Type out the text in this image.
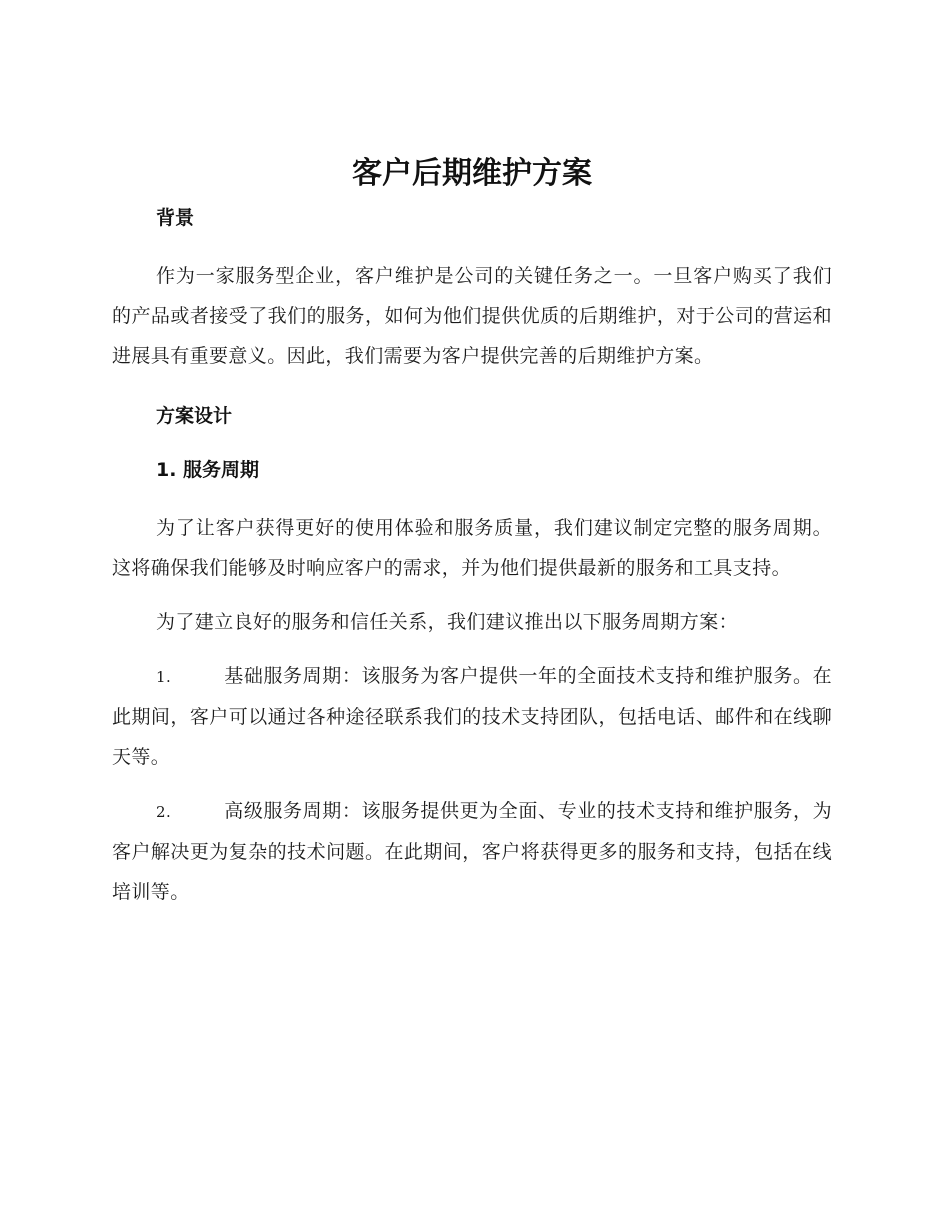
客户后期维护方案

背景

作为一家服务型企业，客户维护是公司的关键任务之一。一旦客户购买了我们的产品或者接受了我们的服务，如何为他们提供优质的后期维护，对于公司的营运和进展具有重要意义。因此，我们需要为客户提供完善的后期维护方案。

方案设计

1. 服务周期

为了让客户获得更好的使用体验和服务质量，我们建议制定完整的服务周期。这将确保我们能够及时响应客户的需求，并为他们提供最新的服务和工具支持。

为了建立良好的服务和信任关系，我们建议推出以下服务周期方案：

1.	基础服务周期：该服务为客户提供一年的全面技术支持和维护服务。在此期间，客户可以通过各种途径联系我们的技术支持团队，包括电话、邮件和在线聊天等。

2.	高级服务周期：该服务提供更为全面、专业的技术支持和维护服务，为客户解决更为复杂的技术问题。在此期间，客户将获得更多的服务和支持，包括在线培训等。
